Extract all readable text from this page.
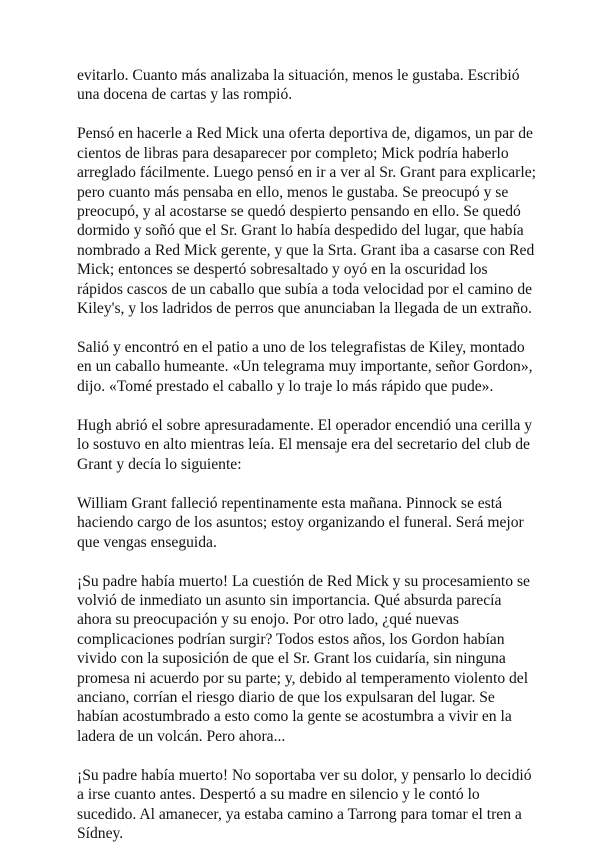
evitarlo. Cuanto más analizaba la situación, menos le gustaba. Escribió una docena de cartas y las rompió.

Pensó en hacerle a Red Mick una oferta deportiva de, digamos, un par de cientos de libras para desaparecer por completo; Mick podría haberlo arreglado fácilmente. Luego pensó en ir a ver al Sr. Grant para explicarle; pero cuanto más pensaba en ello, menos le gustaba. Se preocupó y se preocupó, y al acostarse se quedó despierto pensando en ello. Se quedó dormido y soñó que el Sr. Grant lo había despedido del lugar, que había nombrado a Red Mick gerente, y que la Srta. Grant iba a casarse con Red Mick; entonces se despertó sobresaltado y oyó en la oscuridad los rápidos cascos de un caballo que subía a toda velocidad por el camino de Kiley's, y los ladridos de perros que anunciaban la llegada de un extraño.

Salió y encontró en el patio a uno de los telegrafistas de Kiley, montado en un caballo humeante. «Un telegrama muy importante, señor Gordon», dijo. «Tomé prestado el caballo y lo traje lo más rápido que pude».

Hugh abrió el sobre apresuradamente. El operador encendió una cerilla y lo sostuvo en alto mientras leía. El mensaje era del secretario del club de Grant y decía lo siguiente:

William Grant falleció repentinamente esta mañana. Pinnock se está haciendo cargo de los asuntos; estoy organizando el funeral. Será mejor que vengas enseguida.

¡Su padre había muerto! La cuestión de Red Mick y su procesamiento se volvió de inmediato un asunto sin importancia. Qué absurda parecía ahora su preocupación y su enojo. Por otro lado, ¿qué nuevas complicaciones podrían surgir? Todos estos años, los Gordon habían vivido con la suposición de que el Sr. Grant los cuidaría, sin ninguna promesa ni acuerdo por su parte; y, debido al temperamento violento del anciano, corrían el riesgo diario de que los expulsaran del lugar. Se habían acostumbrado a esto como la gente se acostumbra a vivir en la ladera de un volcán. Pero ahora...

¡Su padre había muerto! No soportaba ver su dolor, y pensarlo lo decidió a irse cuanto antes. Despertó a su madre en silencio y le contó lo sucedido. Al amanecer, ya estaba camino a Tarrong para tomar el tren a Sídney.
